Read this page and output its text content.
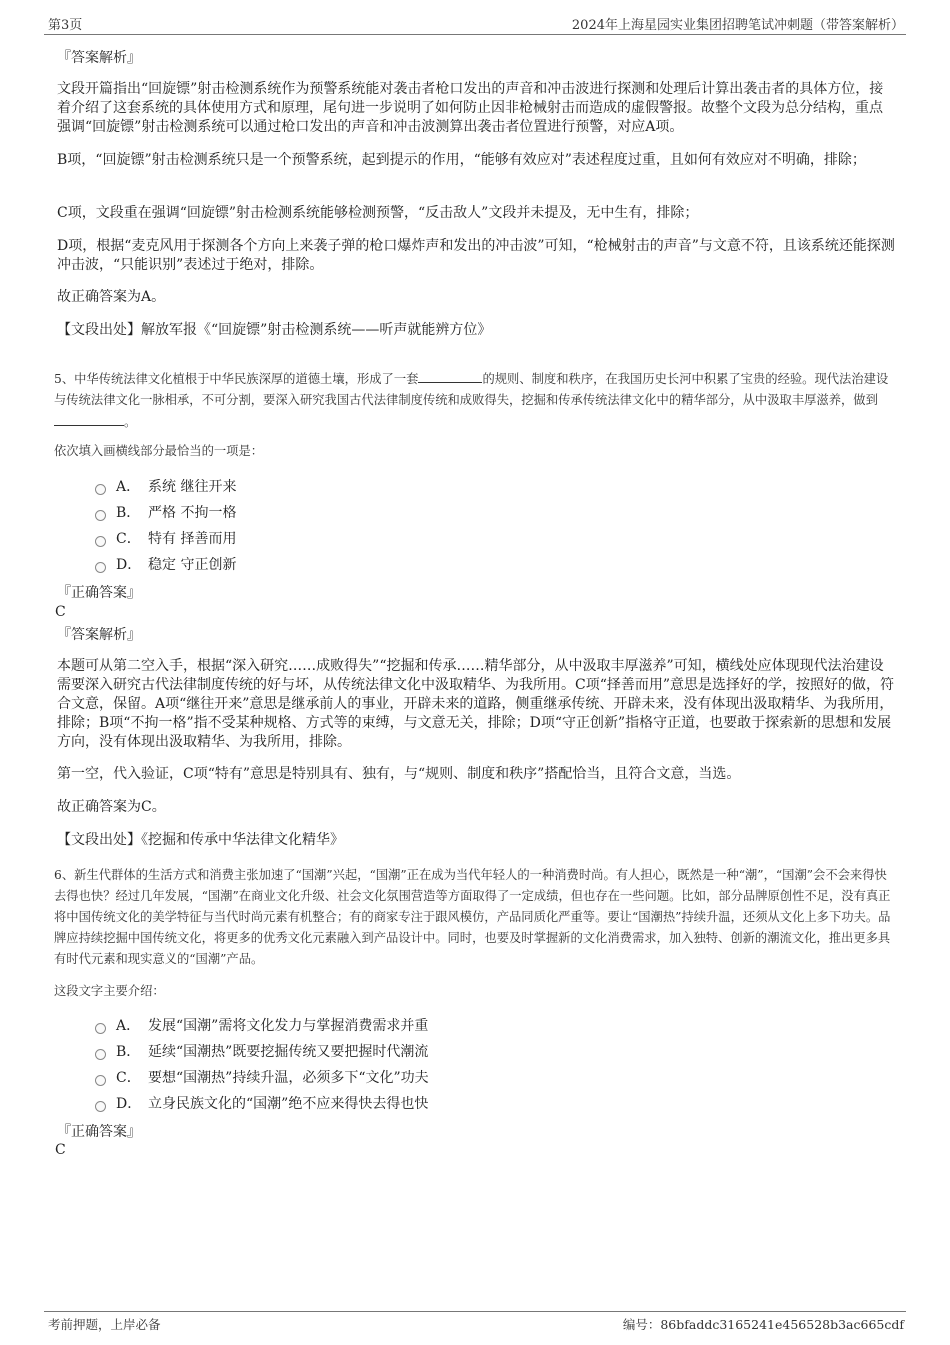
第3页	2024年上海星园实业集团招聘笔试冲刺题（带答案解析）
『答案解析』
文段开篇指出“回旋镖”射击检测系统作为预警系统能对袭击者枪口发出的声音和冲击波进行探测和处理后计算出袭击者的具体方位，接着介绍了这套系统的具体使用方式和原理，尾句进一步说明了如何防止因非枪械射击而造成的虚假警报。故整个文段为总分结构，重点强调“回旋镖”射击检测系统可以通过枪口发出的声音和冲击波测算出袭击者位置进行预警，对应A项。
B项，“回旋镖”射击检测系统只是一个预警系统，起到提示的作用，“能够有效应对”表述程度过重，且如何有效应对不明确，排除；
C项，文段重在强调“回旋镖”射击检测系统能够检测预警，“反击敌人”文段并未提及，无中生有，排除；
D项，根据“麦克风用于探测各个方向上来袭子弹的枪口爆炸声和发出的冲击波”可知，“枪械射击的声音”与文意不符，且该系统还能探测冲击波，“只能识别”表述过于绝对，排除。
故正确答案为A。
【文段出处】解放军报《“回旋镖”射击检测系统——听声就能辨方位》
5、中华传统法律文化植根于中华民族深厚的道德土壤，形成了一套	的规则、制度和秩序，在我国历史长河中积累了宝贵的经验。现代法治建设与传统法律文化一脉相承，不可分割，要深入研究我国古代法律制度传统和成败得失，挖掘和传承传统法律文化中的精华部分，从中汲取丰厚滋养，做到。
依次填入画横线部分最恰当的一项是：
A． 系统 继往开来
B． 严格 不拘一格
C． 特有 择善而用
D． 稳定 守正创新
『正确答案』
C
『答案解析』
本题可从第二空入手，根据“深入研究……成败得失”“挖掘和传承……精华部分，从中汲取丰厚滋养”可知，横线处应体现现代法治建设需要深入研究古代法律制度传统的好与坏，从传统法律文化中汲取精华、为我所用。C项“择善而用”意思是选择好的学，按照好的做，符合文意，保留。A项“继往开来”意思是继承前人的事业，开辟未来的道路，侧重继承传统、开辟未来，没有体现出汲取精华、为我所用，排除；B项“不拘一格”指不受某种规格、方式等的束缚，与文意无关，排除；D项“守正创新”指格守正道，也要敢于探索新的思想和发展方向，没有体现出汲取精华、为我所用，排除。
第一空，代入验证，C项“特有”意思是特别具有、独有，与“规则、制度和秩序”搭配恰当，且符合文意，当选。
故正确答案为C。
【文段出处】《挖掘和传承中华法律文化精华》
6、新生代群体的生活方式和消费主张加速了“国潮”兴起，“国潮”正在成为当代年轻人的一种消费时尚。有人担心，既然是一种“潮”，“国潮”会不会来得快去得也快？经过几年发展，“国潮”在商业文化升级、社会文化氛围营造等方面取得了一定成绩，但也存在一些问题。比如，部分品牌原创性不足，没有真正将中国传统文化的美学特征与当代时尚元素有机整合；有的商家专注于跟风模仿，产品同质化严重等。要让“国潮热”持续升温，还须从文化上多下功夫。品牌应持续挖掘中国传统文化，将更多的优秀文化元素融入到产品设计中。同时，也要及时掌握新的文化消费需求，加入独特、创新的潮流文化，推出更多具有时代元素和现实意义的“国潮”产品。
这段文字主要介绍：
A． 发展“国潮”需将文化发力与掌握消费需求并重
B． 延续“国潮热”既要挖掘传统又要把握时代潮流
C． 要想“国潮热”持续升温，必须多下“文化”功夫
D． 立身民族文化的“国潮”绝不应来得快去得也快
『正确答案』
C
考前押题，上岸必备	编号：86bfaddc3165241e456528b3ac665cdf
